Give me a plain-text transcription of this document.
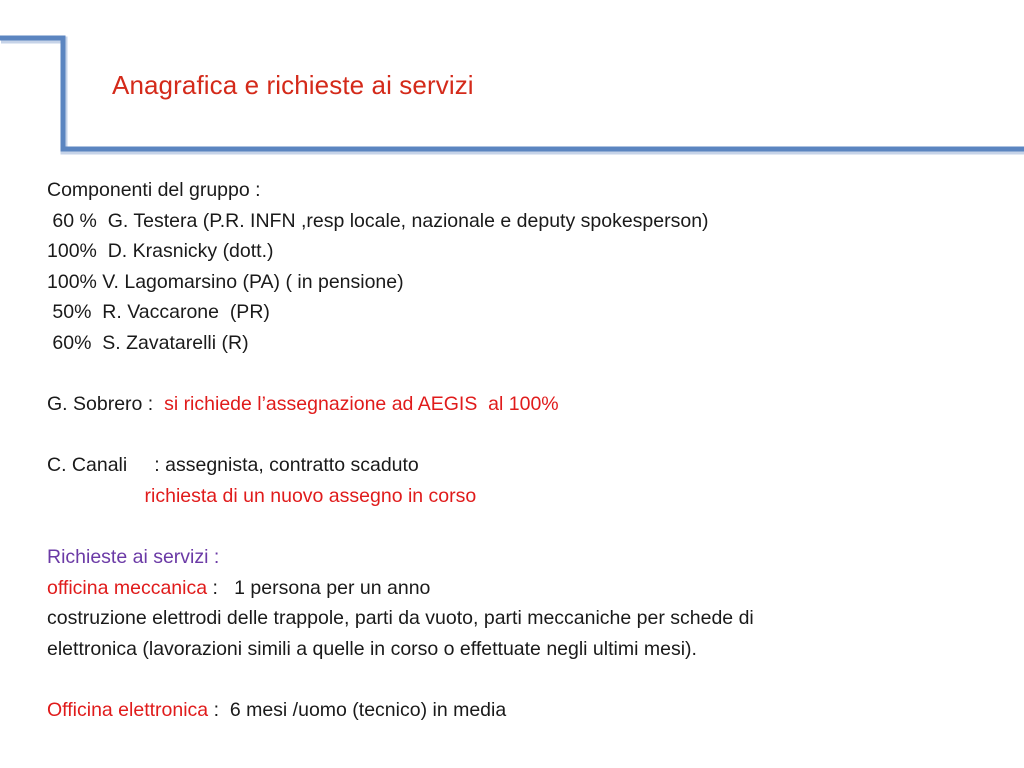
Anagrafica e richieste ai servizi
Componenti del gruppo :
60 %  G. Testera (P.R. INFN ,resp locale, nazionale e deputy spokesperson)
100%  D. Krasnicky (dott.)
100% V. Lagomarsino (PA) ( in pensione)
50%  R. Vaccarone  (PR)
60%  S. Zavatarelli (R)
G. Sobrero :  si richiede l’assegnazione ad AEGIS  al 100%
C. Canali     : assegnista, contratto scaduto
richiesta di un nuovo assegno in corso
Richieste ai servizi :
officina meccanica :   1 persona per un anno
costruzione elettrodi delle trappole, parti da vuoto, parti meccaniche per schede di
elettronica (lavorazioni simili a quelle in corso o effettuate negli ultimi mesi).
Officina elettronica :  6 mesi /uomo (tecnico) in media
